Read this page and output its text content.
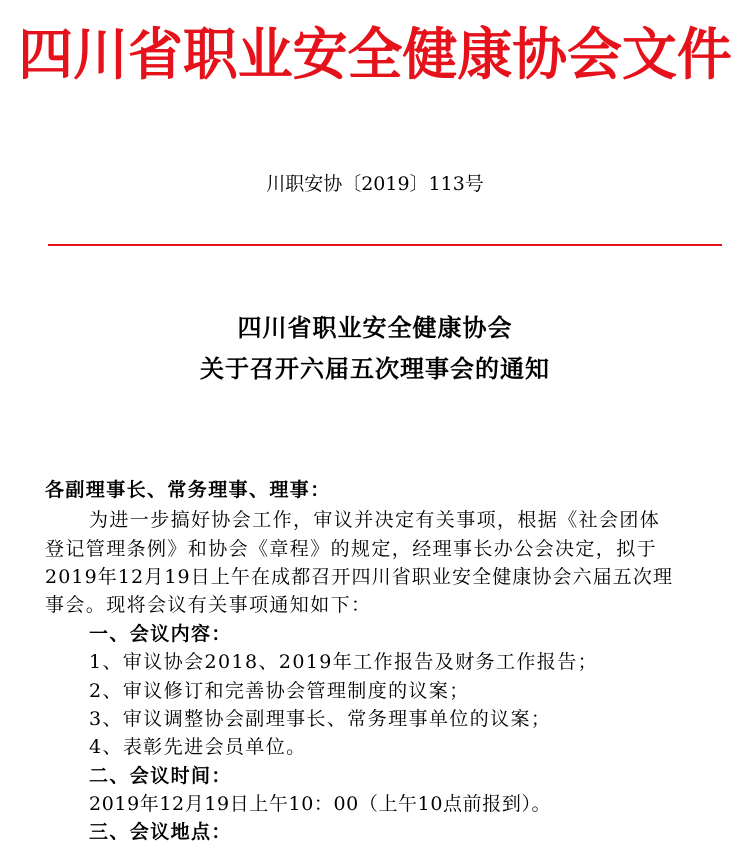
四川省职业安全健康协会文件
川职安协〔2019〕113号
四川省职业安全健康协会
关于召开六届五次理事会的通知
各副理事长、常务理事、理事：
为进一步搞好协会工作，审议并决定有关事项，根据《社会团体
登记管理条例》和协会《章程》的规定，经理事长办公会决定，拟于
2019年12月19日上午在成都召开四川省职业安全健康协会六届五次理
事会。现将会议有关事项通知如下：
一、会议内容：
1、审议协会2018、2019年工作报告及财务工作报告；
2、审议修订和完善协会管理制度的议案；
3、审议调整协会副理事长、常务理事单位的议案；
4、表彰先进会员单位。
二、会议时间：
2019年12月19日上午10：00（上午10点前报到）。
三、会议地点：
